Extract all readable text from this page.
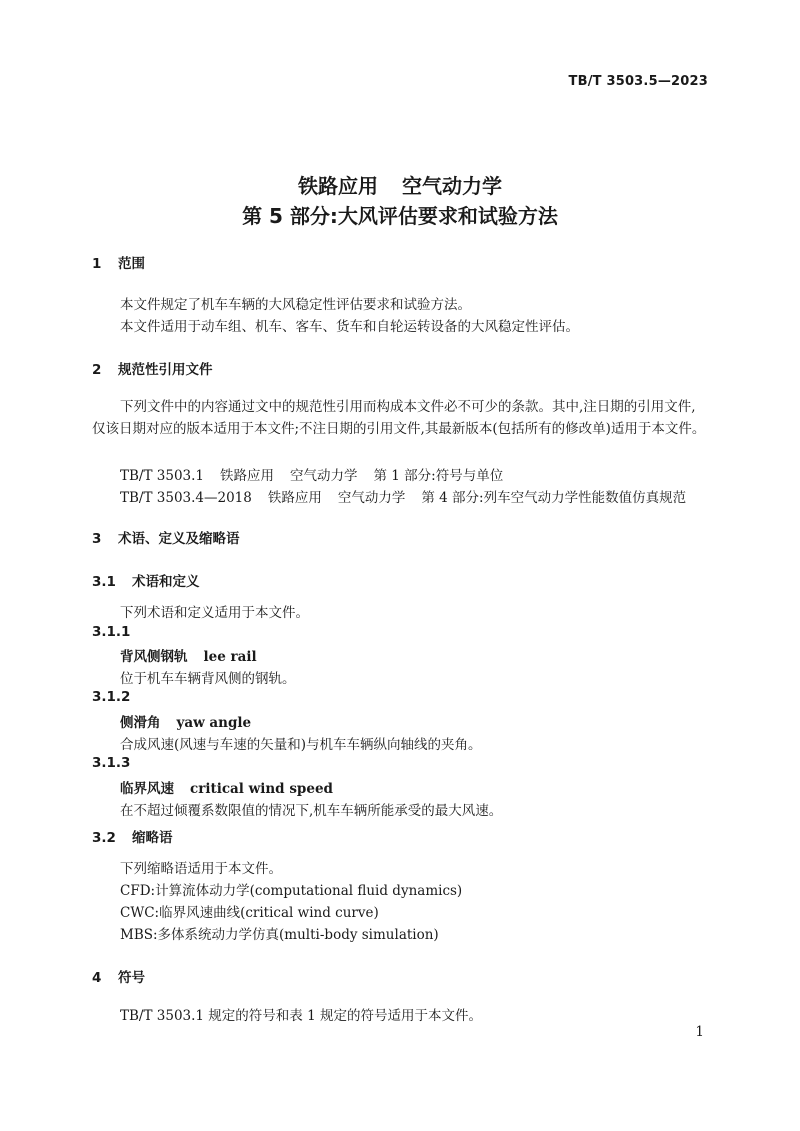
TB/T 3503.5—2023
铁路应用 空气动力学
第 5 部分:大风评估要求和试验方法
1 范围
本文件规定了机车车辆的大风稳定性评估要求和试验方法。
本文件适用于动车组、机车、客车、货车和自轮运转设备的大风稳定性评估。
2 规范性引用文件
下列文件中的内容通过文中的规范性引用而构成本文件必不可少的条款。其中,注日期的引用文件,仅该日期对应的版本适用于本文件;不注日期的引用文件,其最新版本(包括所有的修改单)适用于本文件。
TB/T 3503.1 铁路应用 空气动力学 第 1 部分:符号与单位
TB/T 3503.4—2018 铁路应用 空气动力学 第 4 部分:列车空气动力学性能数值仿真规范
3 术语、定义及缩略语
3.1 术语和定义
下列术语和定义适用于本文件。
3.1.1
背风侧钢轨 lee rail
位于机车车辆背风侧的钢轨。
3.1.2
侧滑角 yaw angle
合成风速(风速与车速的矢量和)与机车车辆纵向轴线的夹角。
3.1.3
临界风速 critical wind speed
在不超过倾覆系数限值的情况下,机车车辆所能承受的最大风速。
3.2 缩略语
下列缩略语适用于本文件。
CFD:计算流体动力学(computational fluid dynamics)
CWC:临界风速曲线(critical wind curve)
MBS:多体系统动力学仿真(multi-body simulation)
4 符号
TB/T 3503.1 规定的符号和表 1 规定的符号适用于本文件。
1
